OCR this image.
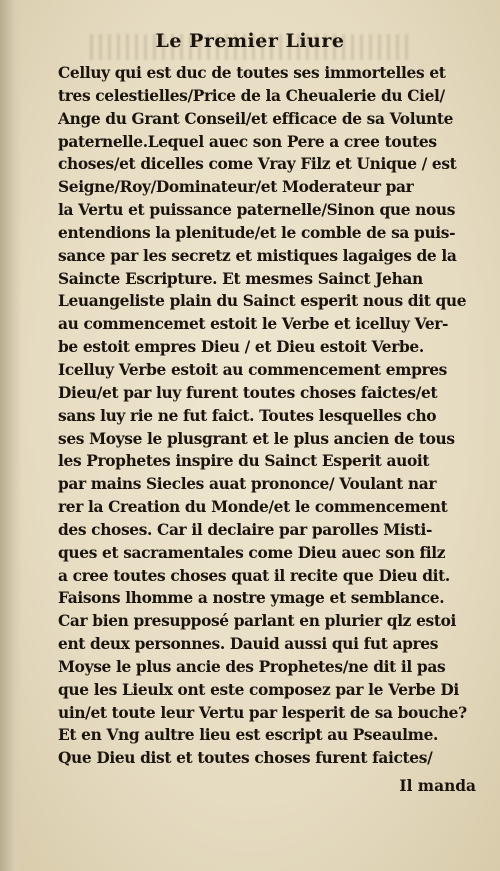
Le Premier Liure
Celluy qui est duc de toutes ses immortelles et
tres celestielles/Price de la Cheualerie du Ciel/
Ange du Grant Conseil/et efficace de sa Volunte
paternelle.Lequel auec son Pere a cree toutes
choses/et dicelles come Vray Filz et Unique / est
Seigne/Roy/Dominateur/et Moderateur par
la Vertu et puissance paternelle/Sinon que nous
entendions la plenitude/et le comble de sa puis-
sance par les secretz et mistiques lagaiges de la
Saincte Escripture. Et mesmes Sainct Jehan
Leuangeliste plain du Sainct esperit nous dit que
au commencemet estoit le Verbe et icelluy Ver-
be estoit empres Dieu / et Dieu estoit Verbe.
Icelluy Verbe estoit au commencement empres
Dieu/et par luy furent toutes choses faictes/et
sans luy rie ne fut faict. Toutes lesquelles cho
ses Moyse le plusgrant et le plus ancien de tous
les Prophetes inspire du Sainct Esperit auoit
par mains Siecles auat prononce/ Voulant nar
rer la Creation du Monde/et le commencement
des choses. Car il declaire par parolles Misti-
ques et sacramentales come Dieu auec son filz
a cree toutes choses quat il recite que Dieu dit.
Faisons lhomme a nostre ymage et semblance.
Car bien presupposé parlant en plurier qlz estoi
ent deux personnes. Dauid aussi qui fut apres
Moyse le plus ancie des Prophetes/ne dit il pas
que les Lieulx ont este composez par le Verbe Di
uin/et toute leur Vertu par lesperit de sa bouche?
Et en Vng aultre lieu est escript au Pseaulme.
Que Dieu dist et toutes choses furent faictes/
Il manda
